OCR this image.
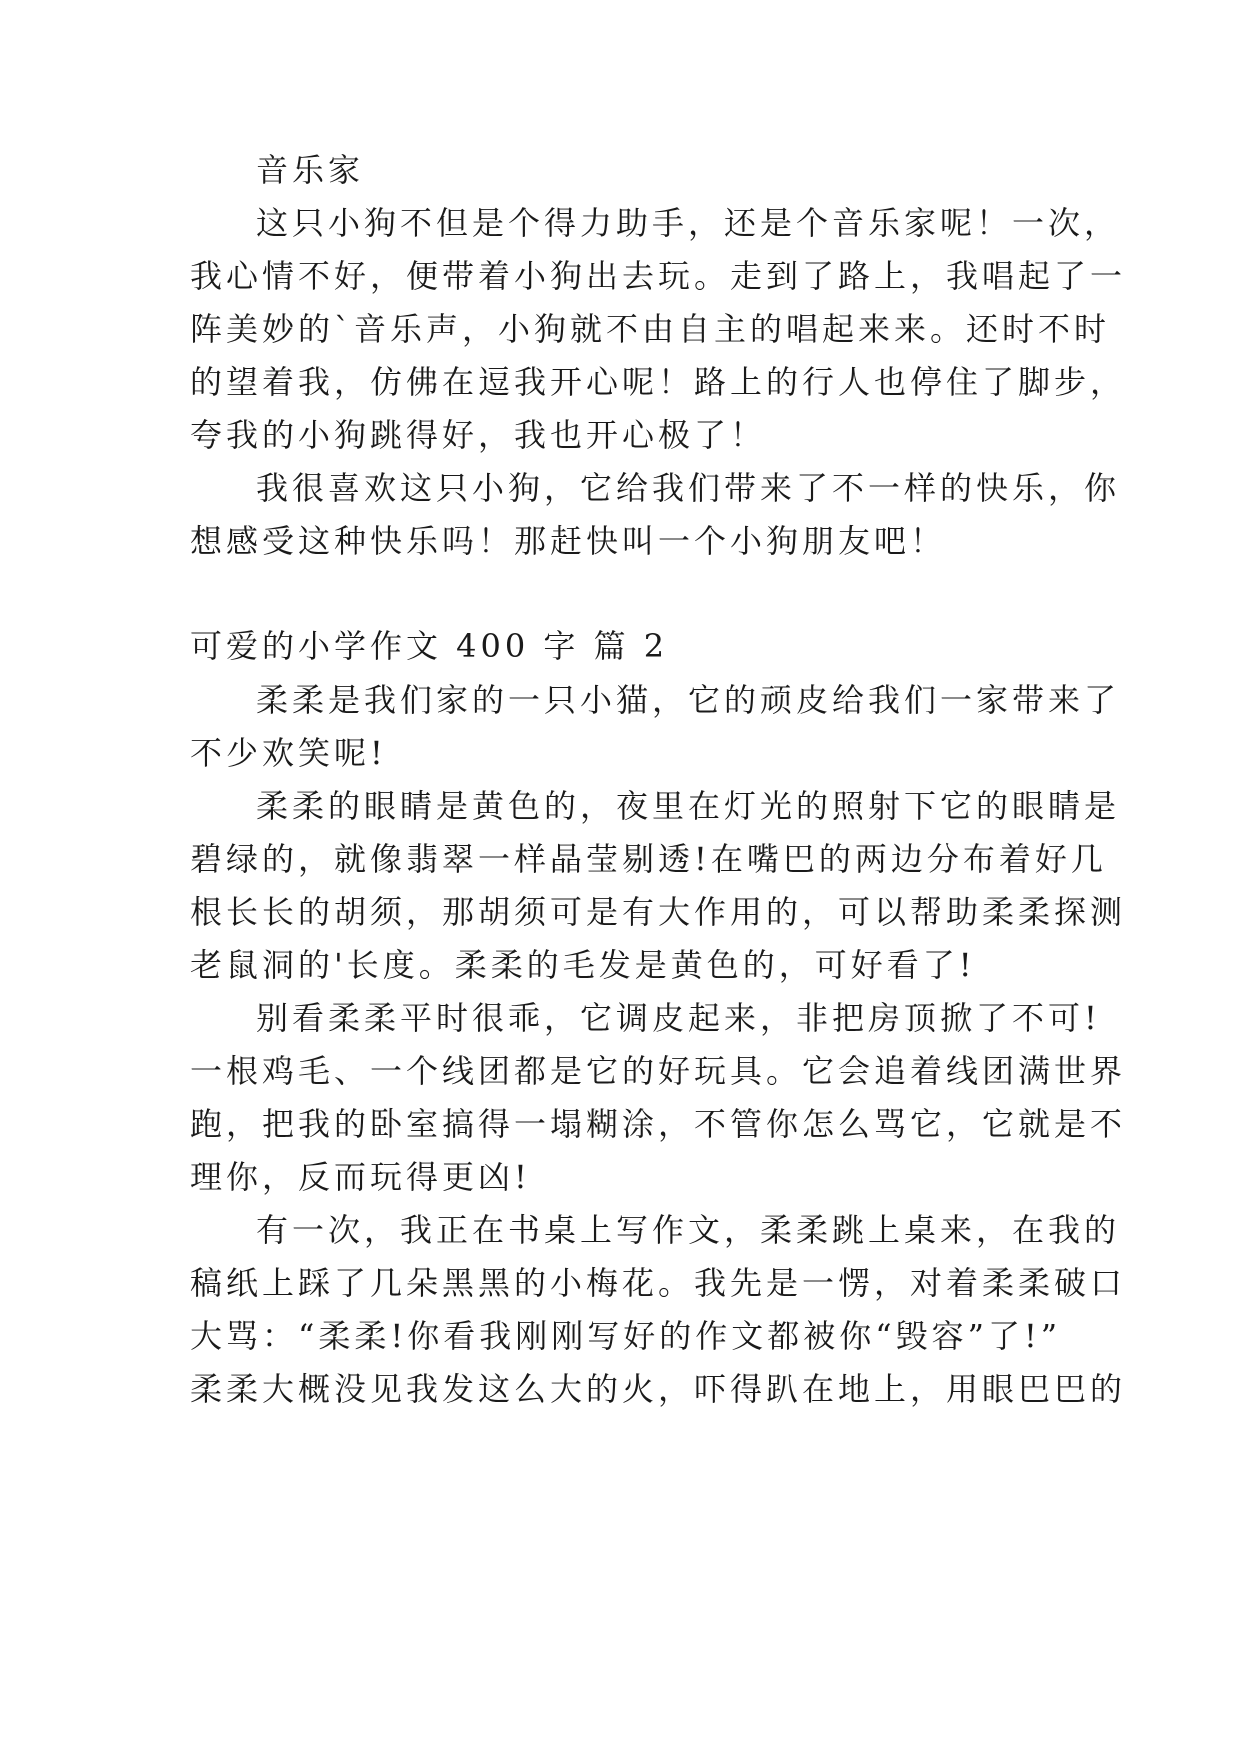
音乐家
这只小狗不但是个得力助手，还是个音乐家呢！一次，
我心情不好，便带着小狗出去玩。走到了路上，我唱起了一
阵美妙的`音乐声，小狗就不由自主的唱起来来。还时不时
的望着我，仿佛在逗我开心呢！路上的行人也停住了脚步，
夸我的小狗跳得好，我也开心极了！
我很喜欢这只小狗，它给我们带来了不一样的快乐，你
想感受这种快乐吗！那赶快叫一个小狗朋友吧！
可爱的小学作文 400 字 篇 2
柔柔是我们家的一只小猫，它的顽皮给我们一家带来了
不少欢笑呢!
柔柔的眼睛是黄色的，夜里在灯光的照射下它的眼睛是
碧绿的，就像翡翠一样晶莹剔透!在嘴巴的两边分布着好几
根长长的胡须，那胡须可是有大作用的，可以帮助柔柔探测
老鼠洞的'长度。柔柔的毛发是黄色的，可好看了!
别看柔柔平时很乖，它调皮起来，非把房顶掀了不可!
一根鸡毛、一个线团都是它的好玩具。它会追着线团满世界
跑，把我的卧室搞得一塌糊涂，不管你怎么骂它，它就是不
理你，反而玩得更凶!
有一次，我正在书桌上写作文，柔柔跳上桌来，在我的
稿纸上踩了几朵黑黑的小梅花。我先是一愣，对着柔柔破口
大骂：“柔柔!你看我刚刚写好的作文都被你“毁容”了!”
柔柔大概没见我发这么大的火，吓得趴在地上，用眼巴巴的
